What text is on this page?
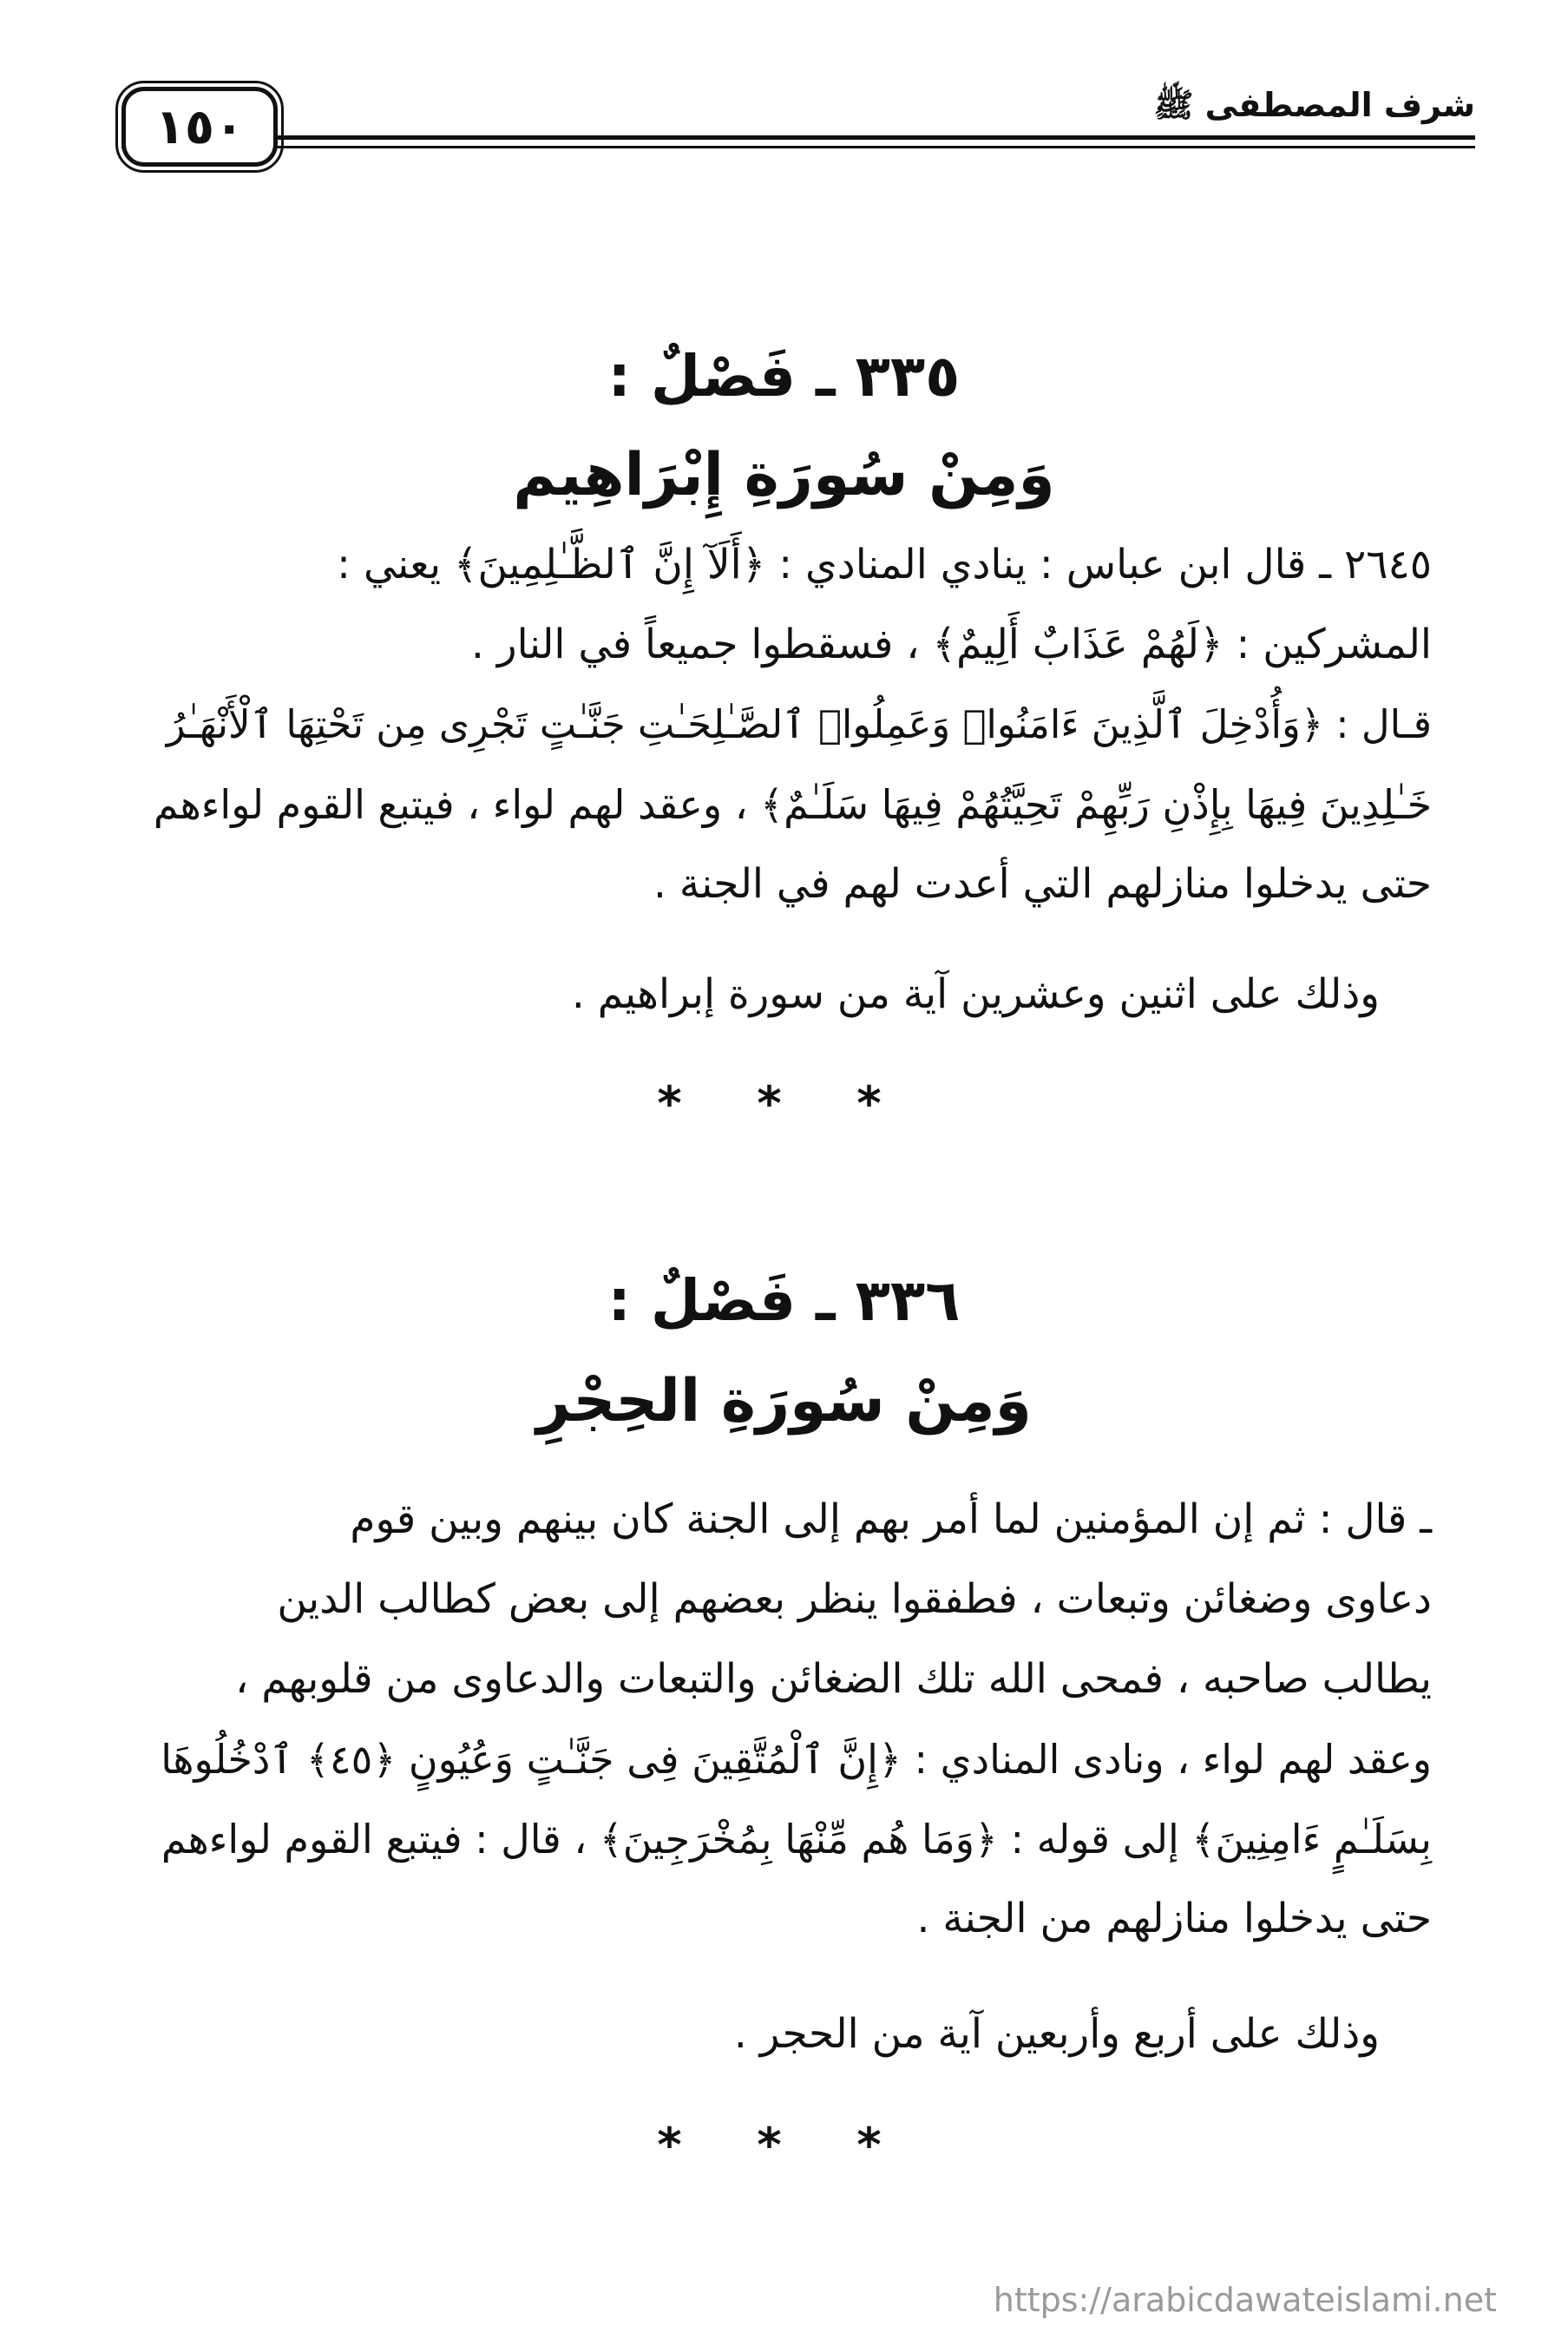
شرف المصطفى ﷺ
١٥٠
٣٣٥ ـ فَصْلٌ :
وَمِنْ سُورَةِ إِبْرَاهِيم
٢٦٤٥ ـ قال ابن عباس : ينادي المنادي : ﴿أَلَآ إِنَّ ٱلظَّـٰلِمِينَ﴾ يعني :
المشركين : ﴿لَهُمْ عَذَابٌ أَلِيمٌ﴾ ، فسقطوا جميعاً في النار .
قـال : ﴿وَأُدْخِلَ ٱلَّذِينَ ءَامَنُوا۟ وَعَمِلُوا۟ ٱلصَّـٰلِحَـٰتِ جَنَّـٰتٍ تَجْرِى مِن تَحْتِهَا ٱلْأَنْهَـٰرُ
خَـٰلِدِينَ فِيهَا بِإِذْنِ رَبِّهِمْ تَحِيَّتُهُمْ فِيهَا سَلَـٰمٌ﴾ ، وعقد لهم لواء ، فيتبع القوم لواءهم
حتى يدخلوا منازلهم التي أعدت لهم في الجنة .
وذلك على اثنين وعشرين آية من سورة إبراهيم .
* * *
٣٣٦ ـ فَصْلٌ :
وَمِنْ سُورَةِ الحِجْرِ
ـ قال : ثم إن المؤمنين لما أمر بهم إلى الجنة كان بينهم وبين قوم
دعاوى وضغائن وتبعات ، فطفقوا ينظر بعضهم إلى بعض كطالب الدين
يطالب صاحبه ، فمحى الله تلك الضغائن والتبعات والدعاوى من قلوبهم ،
وعقد لهم لواء ، ونادى المنادي : ﴿إِنَّ ٱلْمُتَّقِينَ فِى جَنَّـٰتٍ وَعُيُونٍ ﴿٤٥﴾ ٱدْخُلُوهَا
بِسَلَـٰمٍ ءَامِنِينَ﴾ إلى قوله : ﴿وَمَا هُم مِّنْهَا بِمُخْرَجِينَ﴾ ، قال : فيتبع القوم لواءهم
حتى يدخلوا منازلهم من الجنة .
وذلك على أربع وأربعين آية من الحجر .
* * *
https://arabicdawateislami.net
